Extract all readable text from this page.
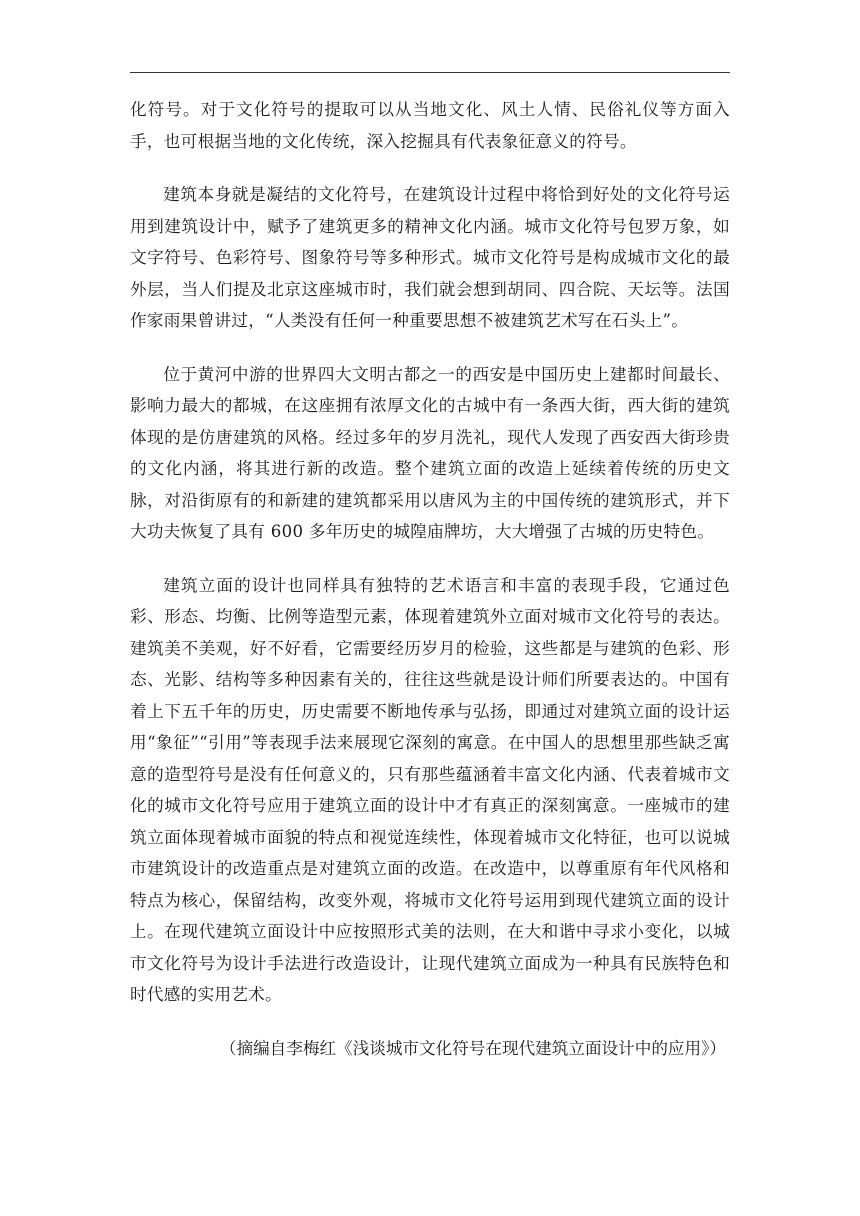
化符号。对于文化符号的提取可以从当地文化、风土人情、民俗礼仪等方面入手，也可根据当地的文化传统，深入挖掘具有代表象征意义的符号。

建筑本身就是凝结的文化符号，在建筑设计过程中将恰到好处的文化符号运用到建筑设计中，赋予了建筑更多的精神文化内涵。城市文化符号包罗万象，如文字符号、色彩符号、图象符号等多种形式。城市文化符号是构成城市文化的最外层，当人们提及北京这座城市时，我们就会想到胡同、四合院、天坛等。法国作家雨果曾讲过，“人类没有任何一种重要思想不被建筑艺术写在石头上”。

位于黄河中游的世界四大文明古都之一的西安是中国历史上建都时间最长、影响力最大的都城，在这座拥有浓厚文化的古城中有一条西大街，西大街的建筑体现的是仿唐建筑的风格。经过多年的岁月洗礼，现代人发现了西安西大街珍贵的文化内涵，将其进行新的改造。整个建筑立面的改造上延续着传统的历史文脉，对沿街原有的和新建的建筑都采用以唐风为主的中国传统的建筑形式，并下大功夫恢复了具有 600 多年历史的城隍庙牌坊，大大增强了古城的历史特色。

建筑立面的设计也同样具有独特的艺术语言和丰富的表现手段，它通过色彩、形态、均衡、比例等造型元素，体现着建筑外立面对城市文化符号的表达。建筑美不美观，好不好看，它需要经历岁月的检验，这些都是与建筑的色彩、形态、光影、结构等多种因素有关的，往往这些就是设计师们所要表达的。中国有着上下五千年的历史，历史需要不断地传承与弘扬，即通过对建筑立面的设计运用“象征”“引用”等表现手法来展现它深刻的寓意。在中国人的思想里那些缺乏寓意的造型符号是没有任何意义的，只有那些蕴涵着丰富文化内涵、代表着城市文化的城市文化符号应用于建筑立面的设计中才有真正的深刻寓意。一座城市的建筑立面体现着城市面貌的特点和视觉连续性，体现着城市文化特征，也可以说城市建筑设计的改造重点是对建筑立面的改造。在改造中，以尊重原有年代风格和特点为核心，保留结构，改变外观，将城市文化符号运用到现代建筑立面的设计上。在现代建筑立面设计中应按照形式美的法则，在大和谐中寻求小变化，以城市文化符号为设计手法进行改造设计，让现代建筑立面成为一种具有民族特色和时代感的实用艺术。

（摘编自李梅红《浅谈城市文化符号在现代建筑立面设计中的应用》）
